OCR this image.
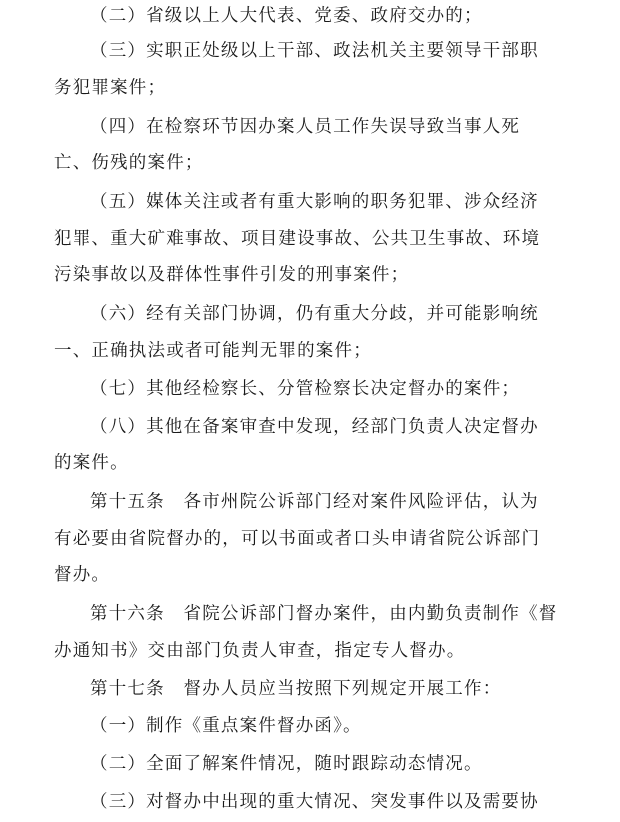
（二）省级以上人大代表、党委、政府交办的；
（三）实职正处级以上干部、政法机关主要领导干部职
务犯罪案件；
（四）在检察环节因办案人员工作失误导致当事人死
亡、伤残的案件；
（五）媒体关注或者有重大影响的职务犯罪、涉众经济
犯罪、重大矿难事故、项目建设事故、公共卫生事故、环境
污染事故以及群体性事件引发的刑事案件；
（六）经有关部门协调，仍有重大分歧，并可能影响统
一、正确执法或者可能判无罪的案件；
（七）其他经检察长、分管检察长决定督办的案件；
（八）其他在备案审查中发现，经部门负责人决定督办
的案件。
第十五条　各市州院公诉部门经对案件风险评估，认为
有必要由省院督办的，可以书面或者口头申请省院公诉部门
督办。
第十六条　省院公诉部门督办案件，由内勤负责制作《督
办通知书》交由部门负责人审查，指定专人督办。
第十七条　督办人员应当按照下列规定开展工作：
（一）制作《重点案件督办函》。
（二）全面了解案件情况，随时跟踪动态情况。
（三）对督办中出现的重大情况、突发事件以及需要协
